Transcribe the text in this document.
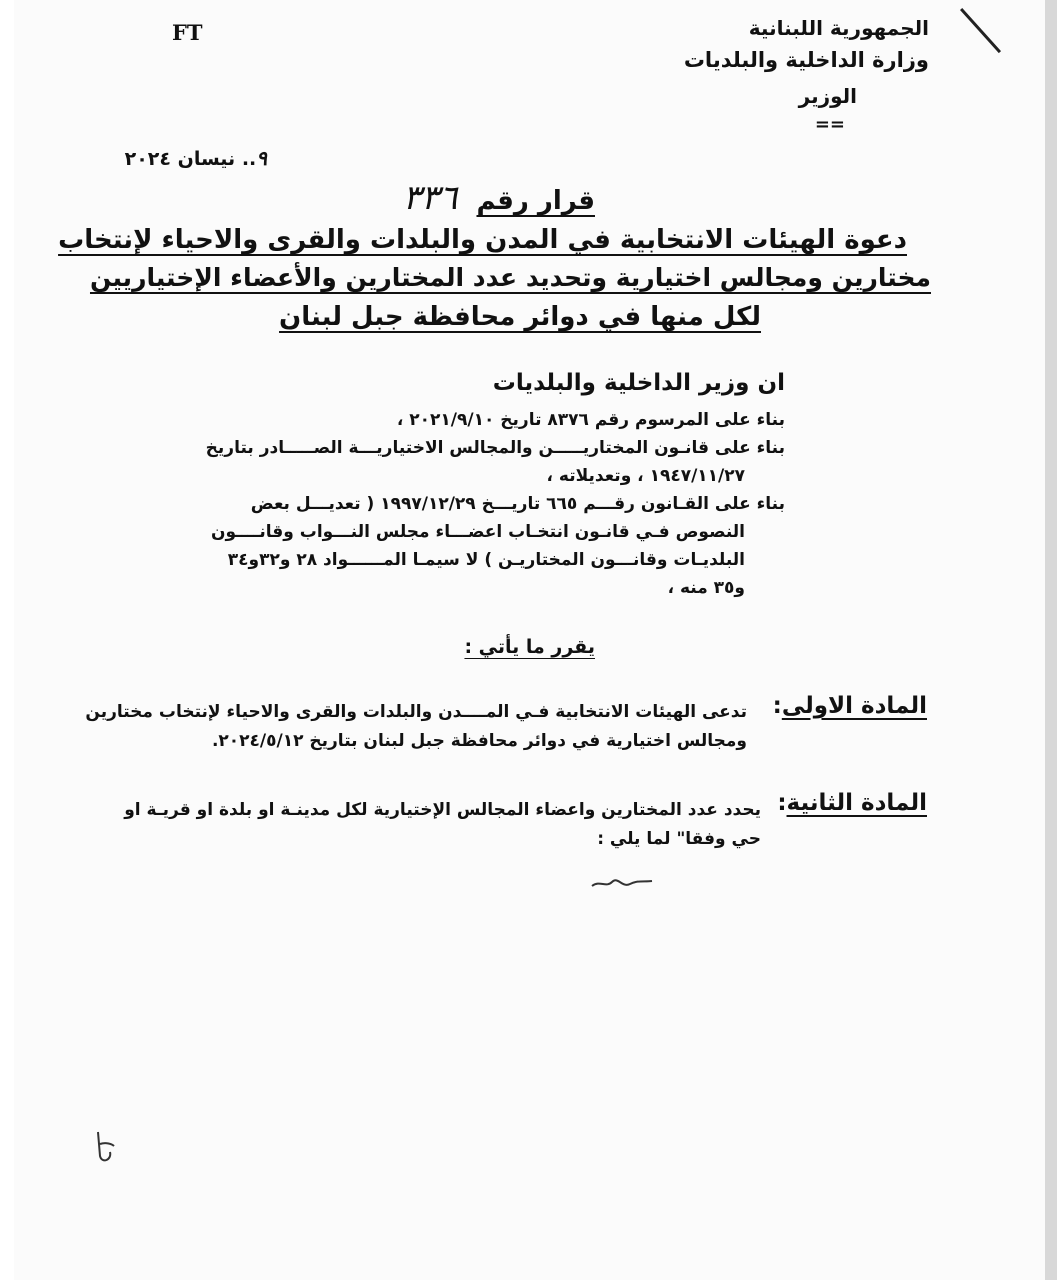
الجمهورية اللبنانية
وزارة الداخلية والبلديات
الوزير
==
FT
٩.. نيسان ٢٠٢٤
قرار رقم ٣٣٦
دعوة الهيئات الانتخابية في المدن والبلدات والقرى والاحياء لإنتخاب
مختارين ومجالس اختيارية وتحديد عدد المختارين والأعضاء الإختياريين
لكل منها في دوائر محافظة جبل لبنان
ان وزير الداخلية والبلديات
بناء على المرسوم رقم ٨٣٧٦ تاريخ ٢٠٢١/٩/١٠ ،
بناء على قانـون المختاريـــــن والمجالس الاختياريـــة الصـــــادر بتاريخ
١٩٤٧/١١/٢٧ ، وتعديلاته ،
بناء على القـانون رقـــم ٦٦٥ تاريـــخ ١٩٩٧/١٢/٢٩ ( تعديـــل بعض
النصوص فـي قانـون انتخـاب اعضـــاء مجلس النـــواب وقانــــون
البلديـات وقانـــون المختاريـن ) لا سيمـا المــــــواد ٢٨ و٣٢و٣٤
و٣٥ منه ،
يقرر ما يأتي :
المادة الاولى:
تدعى الهيئات الانتخابية فـي المــــدن والبلدات والقرى والاحياء لإنتخاب مختارين
ومجالس اختيارية في دوائر محافظة جبل لبنان بتاريخ ٢٠٢٤/٥/١٢.
المادة الثانية:
يحدد عدد المختارين واعضاء المجالس الإختيارية لكل مدينـة او بلدة او قريـة او
حي وفقا" لما يلي :
